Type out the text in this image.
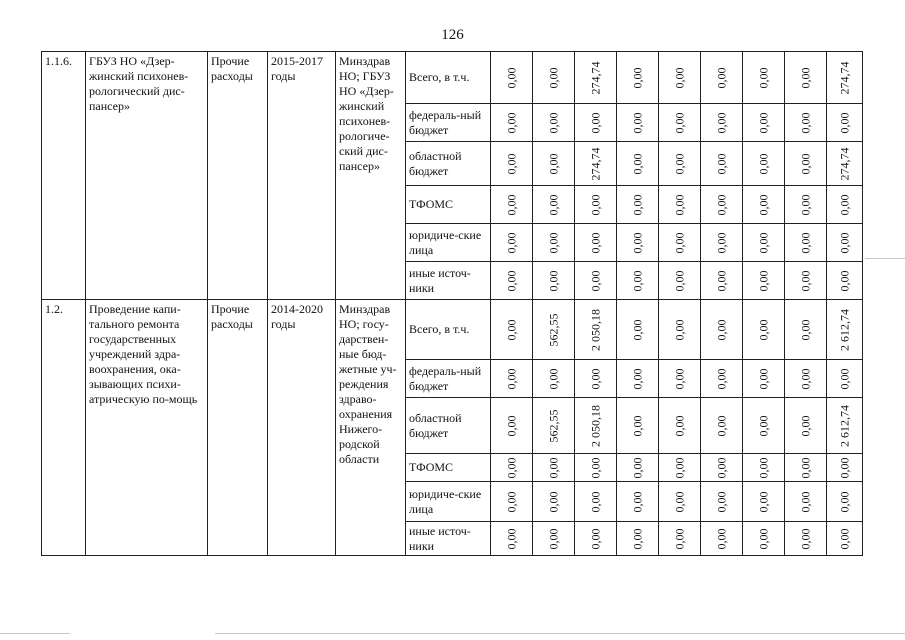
126
1.1.6.	ГБУЗ НО «Дзер-жинский психонев-рологический дис-пансер»	Прочие расходы	2015-2017 годы	Минздрав НО; ГБУЗ НО «Дзер-жинский психонев-рологиче-ский дис-пансер»	Всего, в т.ч.	0,00	0,00	274,74	0,00	0,00	0,00	0,00	0,00	274,74

					федераль-ный бюджет	0,00	0,00	0,00	0,00	0,00	0,00	0,00	0,00	0,00

					областной бюджет	0,00	0,00	274,74	0,00	0,00	0,00	0,00	0,00	274,74

					ТФОМС	0,00	0,00	0,00	0,00	0,00	0,00	0,00	0,00	0,00

					юридиче-ские лица	0,00	0,00	0,00	0,00	0,00	0,00	0,00	0,00	0,00

					иные источ-ники	0,00	0,00	0,00	0,00	0,00	0,00	0,00	0,00	0,00

1.2.	Проведение капи-тального ремонта государственных учреждений здра-воохранения, ока-зывающих психи-атрическую по-мощь	Прочие расходы	2014-2020 годы	Минздрав НО; госу-дарствен-ные бюд-жетные уч-реждения здраво-охранения Нижего-родской области	Всего, в т.ч.	0,00	562,55	2 050,18	0,00	0,00	0,00	0,00	0,00	2 612,74

					федераль-ный бюджет	0,00	0,00	0,00	0,00	0,00	0,00	0,00	0,00	0,00

					областной бюджет	0,00	562,55	2 050,18	0,00	0,00	0,00	0,00	0,00	2 612,74

					ТФОМС	0,00	0,00	0,00	0,00	0,00	0,00	0,00	0,00	0,00

					юридиче-ские лица	0,00	0,00	0,00	0,00	0,00	0,00	0,00	0,00	0,00

					иные источ-ники	0,00	0,00	0,00	0,00	0,00	0,00	0,00	0,00	0,00
